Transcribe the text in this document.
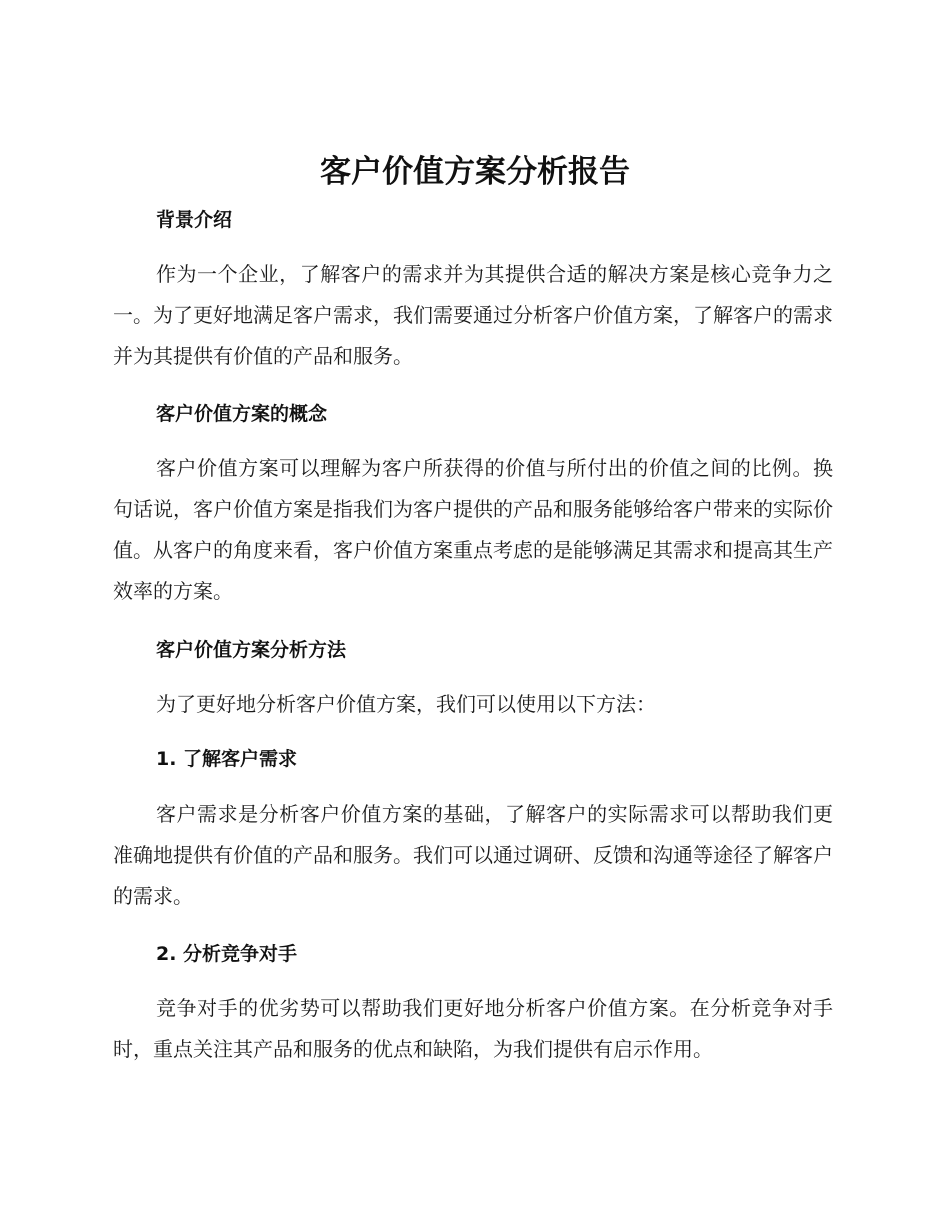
客户价值方案分析报告
背景介绍

作为一个企业，了解客户的需求并为其提供合适的解决方案是核心竞争力之一。为了更好地满足客户需求，我们需要通过分析客户价值方案，了解客户的需求并为其提供有价值的产品和服务。

客户价值方案的概念

客户价值方案可以理解为客户所获得的价值与所付出的价值之间的比例。换句话说，客户价值方案是指我们为客户提供的产品和服务能够给客户带来的实际价值。从客户的角度来看，客户价值方案重点考虑的是能够满足其需求和提高其生产效率的方案。

客户价值方案分析方法

为了更好地分析客户价值方案，我们可以使用以下方法：

1. 了解客户需求

客户需求是分析客户价值方案的基础，了解客户的实际需求可以帮助我们更准确地提供有价值的产品和服务。我们可以通过调研、反馈和沟通等途径了解客户的需求。

2. 分析竞争对手

竞争对手的优劣势可以帮助我们更好地分析客户价值方案。在分析竞争对手时，重点关注其产品和服务的优点和缺陷，为我们提供有启示作用。
